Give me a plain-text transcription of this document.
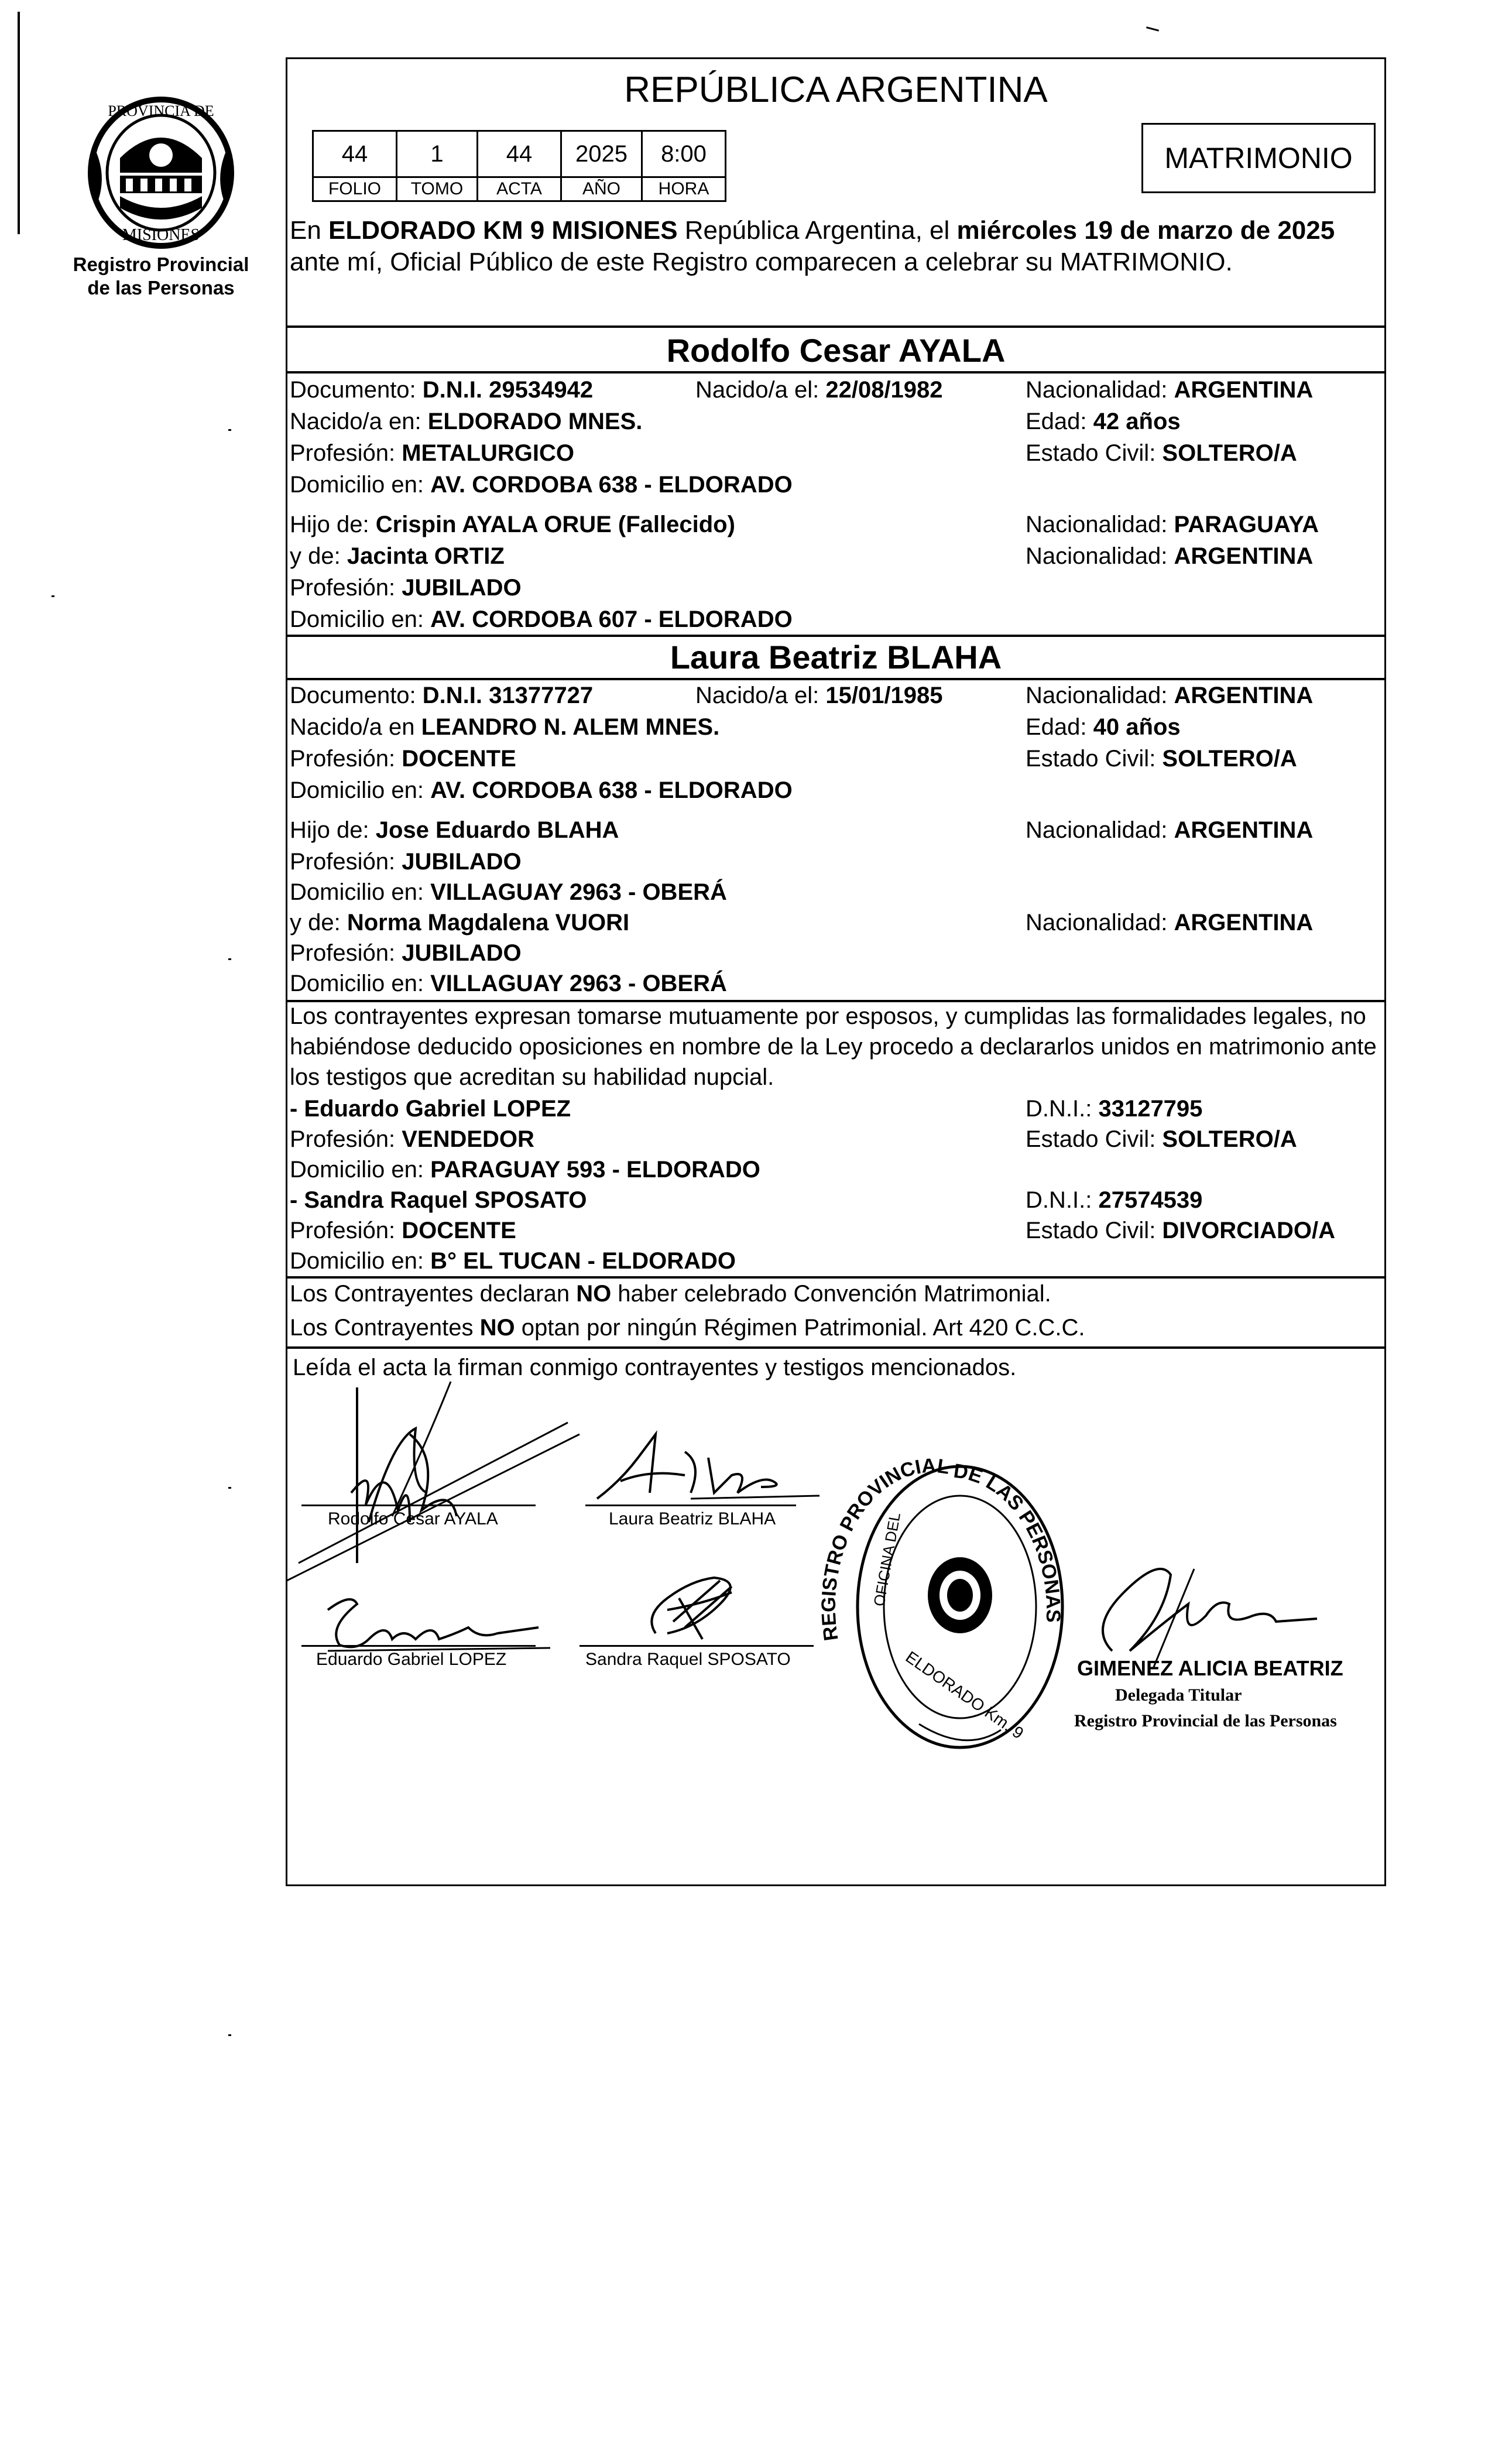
PROVINCIA DE
MISIONES
Registro Provincial
de las Personas
REPÚBLICA ARGENTINA
44	1	44	2025	8:00
FOLIO	TOMO	ACTA	AÑO	HORA
MATRIMONIO
En ELDORADO KM 9 MISIONES República Argentina, el miércoles 19 de marzo de 2025
ante mí, Oficial Público de este Registro comparecen a celebrar su MATRIMONIO.
Rodolfo Cesar AYALA
Documento: D.N.I. 29534942	Nacido/a el: 22/08/1982	Nacionalidad: ARGENTINA
Nacido/a en: ELDORADO MNES.	Edad: 42 años
Profesión: METALURGICO	Estado Civil: SOLTERO/A
Domicilio en: AV. CORDOBA 638 - ELDORADO
Hijo de: Crispin AYALA ORUE (Fallecido)	Nacionalidad: PARAGUAYA
y de: Jacinta ORTIZ	Nacionalidad: ARGENTINA
Profesión: JUBILADO
Domicilio en: AV. CORDOBA 607 - ELDORADO
Laura Beatriz BLAHA
Documento: D.N.I. 31377727	Nacido/a el: 15/01/1985	Nacionalidad: ARGENTINA
Nacido/a en LEANDRO N. ALEM MNES.	Edad: 40 años
Profesión: DOCENTE	Estado Civil: SOLTERO/A
Domicilio en: AV. CORDOBA 638 - ELDORADO
Hijo de: Jose Eduardo BLAHA	Nacionalidad: ARGENTINA
Profesión: JUBILADO
Domicilio en: VILLAGUAY 2963 - OBERÁ
y de: Norma Magdalena VUORI	Nacionalidad: ARGENTINA
Profesión: JUBILADO
Domicilio en: VILLAGUAY 2963 - OBERÁ
Los contrayentes expresan tomarse mutuamente por esposos, y cumplidas las formalidades legales, no
habiéndose deducido oposiciones en nombre de la Ley procedo a declararlos unidos en matrimonio ante
los testigos que acreditan su habilidad nupcial.
- Eduardo Gabriel LOPEZ	D.N.I.: 33127795
Profesión: VENDEDOR	Estado Civil: SOLTERO/A
Domicilio en: PARAGUAY 593 - ELDORADO
- Sandra Raquel SPOSATO	D.N.I.: 27574539
Profesión: DOCENTE	Estado Civil: DIVORCIADO/A
Domicilio en: B° EL TUCAN - ELDORADO
Los Contrayentes declaran NO haber celebrado Convención Matrimonial.
Los Contrayentes NO optan por ningún Régimen Patrimonial. Art 420 C.C.C.
Leída el acta la firman conmigo contrayentes y testigos mencionados.
Rodolfo Cesar AYALA	Laura Beatriz BLAHA
Eduardo Gabriel LOPEZ	Sandra Raquel SPOSATO
REGISTRO PROVINCIAL DE LAS PERSONAS
OFICINA DEL
ELDORADO Km. 9 GIMENEZ ALICIA BEATRIZ
Delegada Titular
Registro Provincial de las Personas
